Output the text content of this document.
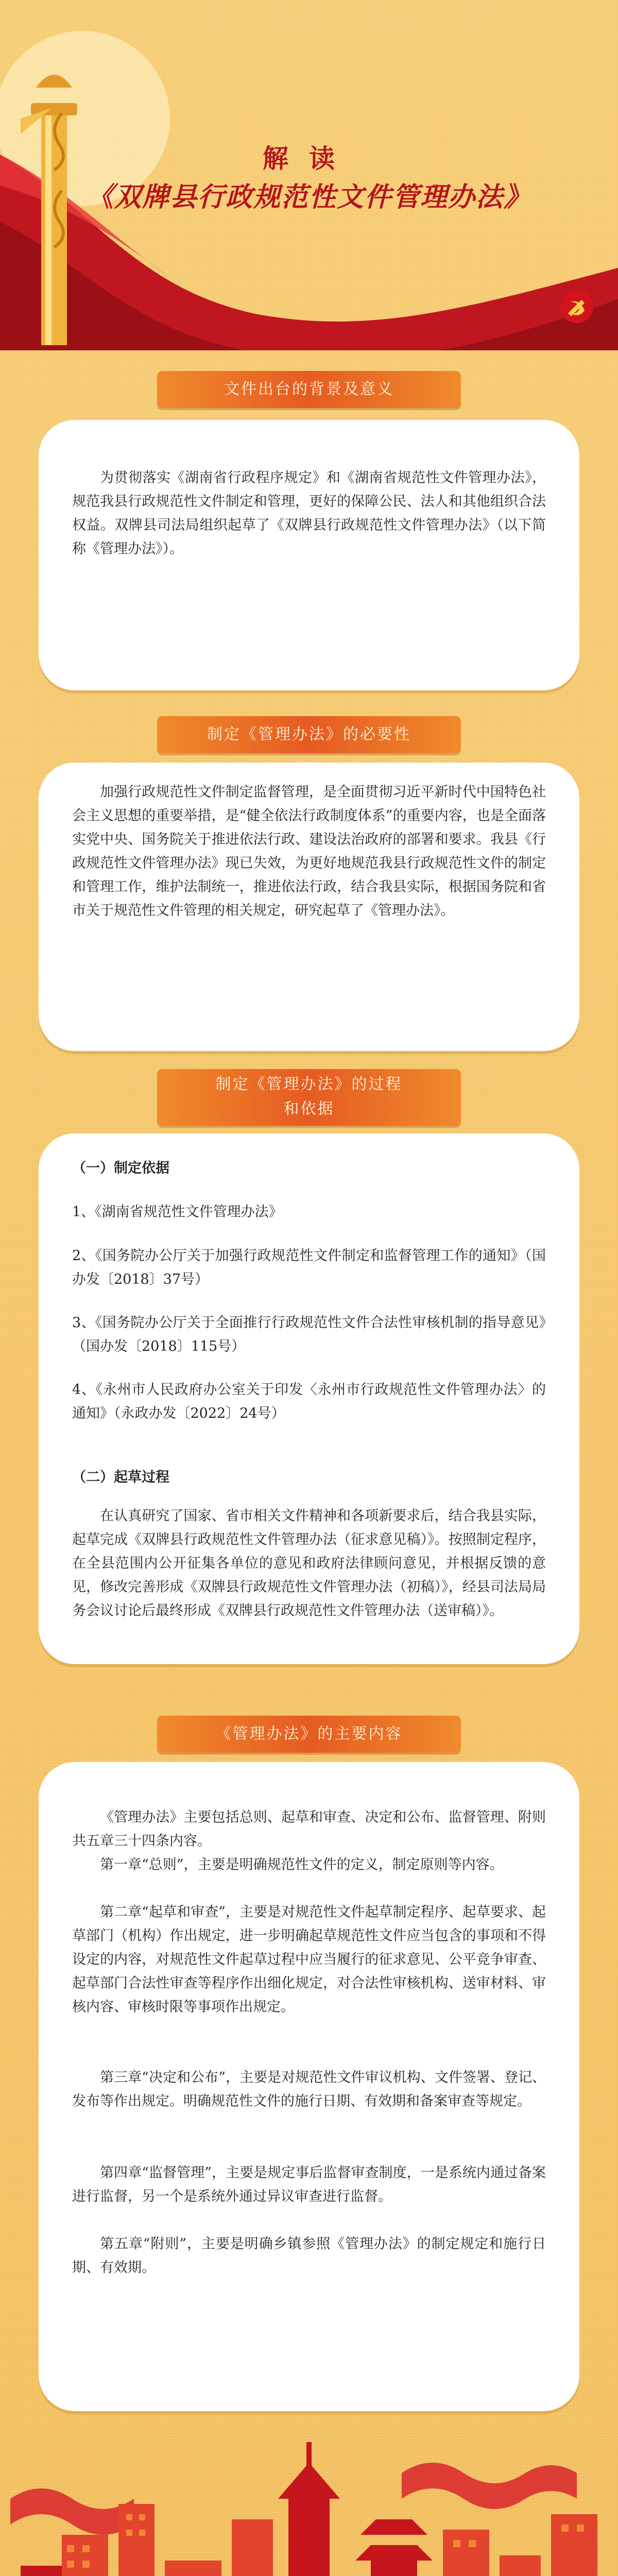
解读
《双牌县行政规范性文件管理办法》
文件出台的背景及意义
为贯彻落实《湖南省行政程序规定》和《湖南省规范性文件管理办法》，规范我县行政规范性文件制定和管理，更好的保障公民、法人和其他组织合法权益。双牌县司法局组织起草了《双牌县行政规范性文件管理办法》（以下简称《管理办法》）。
制定《管理办法》的必要性
加强行政规范性文件制定监督管理，是全面贯彻习近平新时代中国特色社会主义思想的重要举措，是“健全依法行政制度体系”的重要内容，也是全面落实党中央、国务院关于推进依法行政、建设法治政府的部署和要求。我县《行政规范性文件管理办法》现已失效，为更好地规范我县行政规范性文件的制定和管理工作，维护法制统一，推进依法行政，结合我县实际，根据国务院和省市关于规范性文件管理的相关规定，研究起草了《管理办法》。
制定《管理办法》的过程
和依据
（一）制定依据
1、《湖南省规范性文件管理办法》
2、《国务院办公厅关于加强行政规范性文件制定和监督管理工作的通知》（国办发〔2018〕37号）
3、《国务院办公厅关于全面推行行政规范性文件合法性审核机制的指导意见》（国办发〔2018〕115号）
4、《永州市人民政府办公室关于印发〈永州市行政规范性文件管理办法〉的通知》（永政办发〔2022〕24号）
（二）起草过程
在认真研究了国家、省市相关文件精神和各项新要求后，结合我县实际，起草完成《双牌县行政规范性文件管理办法（征求意见稿）》。按照制定程序，在全县范围内公开征集各单位的意见和政府法律顾问意见，并根据反馈的意见，修改完善形成《双牌县行政规范性文件管理办法（初稿）》，经县司法局局务会议讨论后最终形成《双牌县行政规范性文件管理办法（送审稿）》。
《管理办法》的主要内容
《管理办法》主要包括总则、起草和审查、决定和公布、监督管理、附则共五章三十四条内容。
第一章“总则”，主要是明确规范性文件的定义，制定原则等内容。
第二章“起草和审查”，主要是对规范性文件起草制定程序、起草要求、起草部门（机构）作出规定，进一步明确起草规范性文件应当包含的事项和不得设定的内容，对规范性文件起草过程中应当履行的征求意见、公平竞争审查、起草部门合法性审查等程序作出细化规定，对合法性审核机构、送审材料、审核内容、审核时限等事项作出规定。
第三章“决定和公布”，主要是对规范性文件审议机构、文件签署、登记、发布等作出规定。明确规范性文件的施行日期、有效期和备案审查等规定。
第四章“监督管理”，主要是规定事后监督审查制度，一是系统内通过备案进行监督，另一个是系统外通过异议审查进行监督。
第五章“附则”，主要是明确乡镇参照《管理办法》的制定规定和施行日期、有效期。
